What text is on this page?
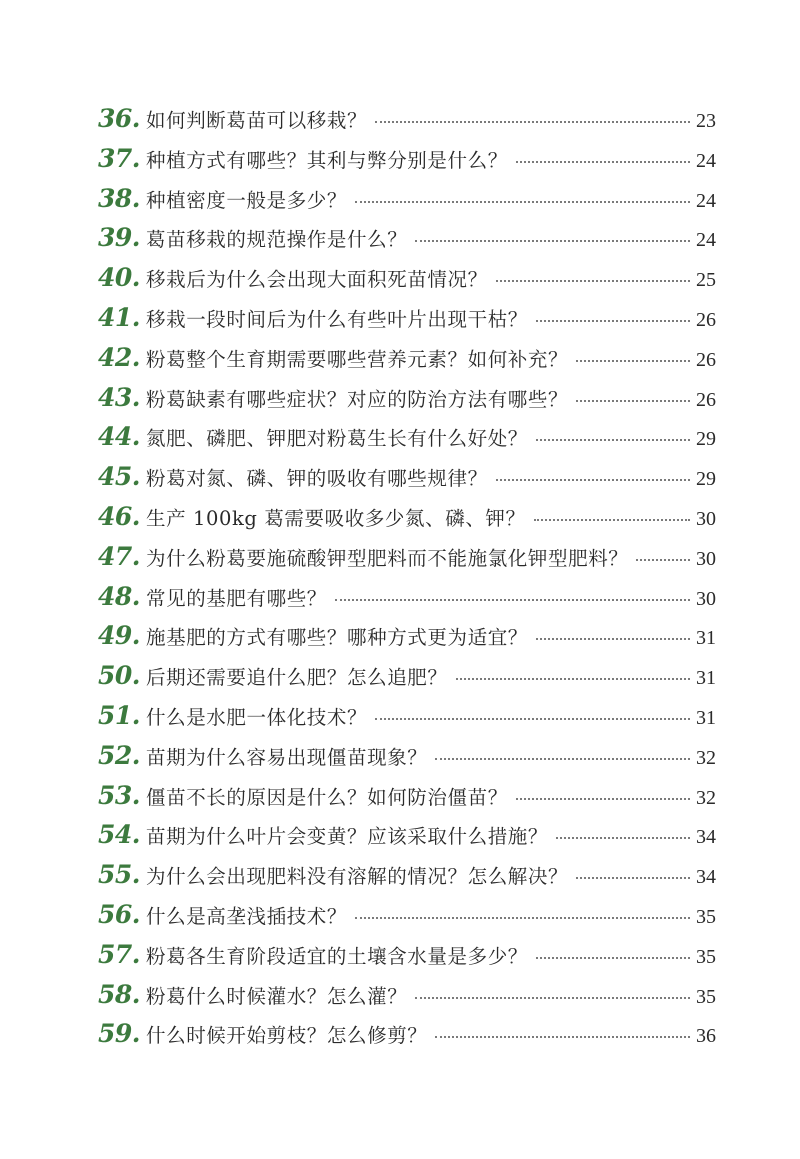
36. 如何判断葛苗可以移栽？	23
37. 种植方式有哪些？其利与弊分别是什么？	24
38. 种植密度一般是多少？	24
39. 葛苗移栽的规范操作是什么？	24
40. 移栽后为什么会出现大面积死苗情况？	25
41. 移栽一段时间后为什么有些叶片出现干枯？	26
42. 粉葛整个生育期需要哪些营养元素？如何补充？	26
43. 粉葛缺素有哪些症状？对应的防治方法有哪些？	26
44. 氮肥、磷肥、钾肥对粉葛生长有什么好处？	29
45. 粉葛对氮、磷、钾的吸收有哪些规律？	29
46. 生产 100kg 葛需要吸收多少氮、磷、钾？	30
47. 为什么粉葛要施硫酸钾型肥料而不能施氯化钾型肥料？	30
48. 常见的基肥有哪些？	30
49. 施基肥的方式有哪些？哪种方式更为适宜？	31
50. 后期还需要追什么肥？怎么追肥？	31
51. 什么是水肥一体化技术？	31
52. 苗期为什么容易出现僵苗现象？	32
53. 僵苗不长的原因是什么？如何防治僵苗？	32
54. 苗期为什么叶片会变黄？应该采取什么措施？	34
55. 为什么会出现肥料没有溶解的情况？怎么解决？	34
56. 什么是高垄浅插技术？	35
57. 粉葛各生育阶段适宜的土壤含水量是多少？	35
58. 粉葛什么时候灌水？怎么灌？	35
59. 什么时候开始剪枝？怎么修剪？	36
